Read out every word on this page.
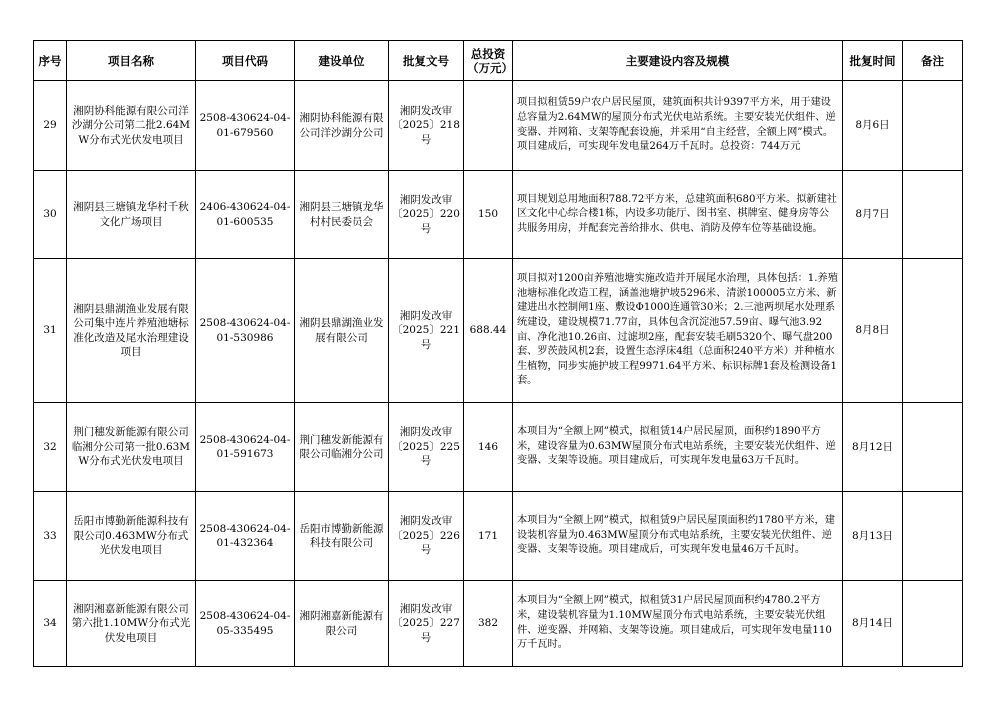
序号	项目名称	项目代码	建设单位	批复文号	总投资（万元）	主要建设内容及规模	批复时间	备注
29	湘阴协科能源有限公司洋沙湖分公司第二批2.64MW分布式光伏发电项目	2508-430624-04-01-679560	湘阴协科能源有限公司洋沙湖分公司	湘阴发改审〔2025〕218号		项目拟租赁59户农户居民屋顶，建筑面积共计9397平方米，用于建设总容量为2.64MW的屋顶分布式光伏电站系统。主要安装光伏组件、逆变器、并网箱、支架等配套设施，并采用“自主经营，全额上网”模式。项目建成后，可实现年发电量264万千瓦时。总投资：744万元	8月6日	
30	湘阴县三塘镇龙华村千秋文化广场项目	2406-430624-04-01-600535	湘阴县三塘镇龙华村村民委员会	湘阴发改审〔2025〕220号	150	项目规划总用地面积788.72平方米，总建筑面积680平方米。拟新建社区文化中心综合楼1栋，内设多功能厅、图书室、棋牌室、健身房等公共服务用房，并配套完善给排水、供电、消防及停车位等基础设施。	8月7日	
31	湘阴县鼎湖渔业发展有限公司集中连片养殖池塘标准化改造及尾水治理建设项目	2508-430624-04-01-530986	湘阴县鼎湖渔业发展有限公司	湘阴发改审〔2025〕221号	688.44	项目拟对1200亩养殖池塘实施改造并开展尾水治理，具体包括：1.养殖池塘标准化改造工程，涵盖池塘护坡5296米、清淤100005立方米、新建进出水控制闸1座、敷设Φ1000连通管30米；2.三池两坝尾水处理系统建设，建设规模71.77亩，具体包含沉淀池57.59亩、曝气池3.92亩、净化池10.26亩、过滤坝2座，配套安装毛刷5320个、曝气盘200套、罗茨鼓风机2套，设置生态浮床4组（总面积240平方米）并种植水生植物，同步实施护坡工程9971.64平方米、标识标牌1套及检测设备1套。	8月8日	
32	荆门穗发新能源有限公司临湘分公司第一批0.63MW分布式光伏发电项目	2508-430624-04-01-591673	荆门穗发新能源有限公司临湘分公司	湘阴发改审〔2025〕225号	146	本项目为“全额上网”模式，拟租赁14户居民屋顶，面积约1890平方米，建设容量为0.63MW屋顶分布式电站系统，主要安装光伏组件、逆变器、支架等设施。项目建成后，可实现年发电量63万千瓦时。	8月12日	
33	岳阳市博勤新能源科技有限公司0.463MW分布式光伏发电项目	2508-430624-04-01-432364	岳阳市博勤新能源科技有限公司	湘阴发改审〔2025〕226号	171	本项目为“全额上网”模式，拟租赁9户居民屋顶面积约1780平方米，建设装机容量为0.463MW屋顶分布式电站系统，主要安装光伏组件、逆变器、支架等设施。项目建成后，可实现年发电量46万千瓦时。	8月13日	
34	湘阴湘嘉新能源有限公司第六批1.10MW分布式光伏发电项目	2508-430624-04-05-335495	湘阴湘嘉新能源有限公司	湘阴发改审〔2025〕227号	382	本项目为“全额上网”模式，拟租赁31户居民屋顶面积约4780.2平方米，建设装机容量为1.10MW屋顶分布式电站系统，主要安装光伏组件、逆变器、并网箱、支架等设施。项目建成后，可实现年发电量110万千瓦时。	8月14日	
